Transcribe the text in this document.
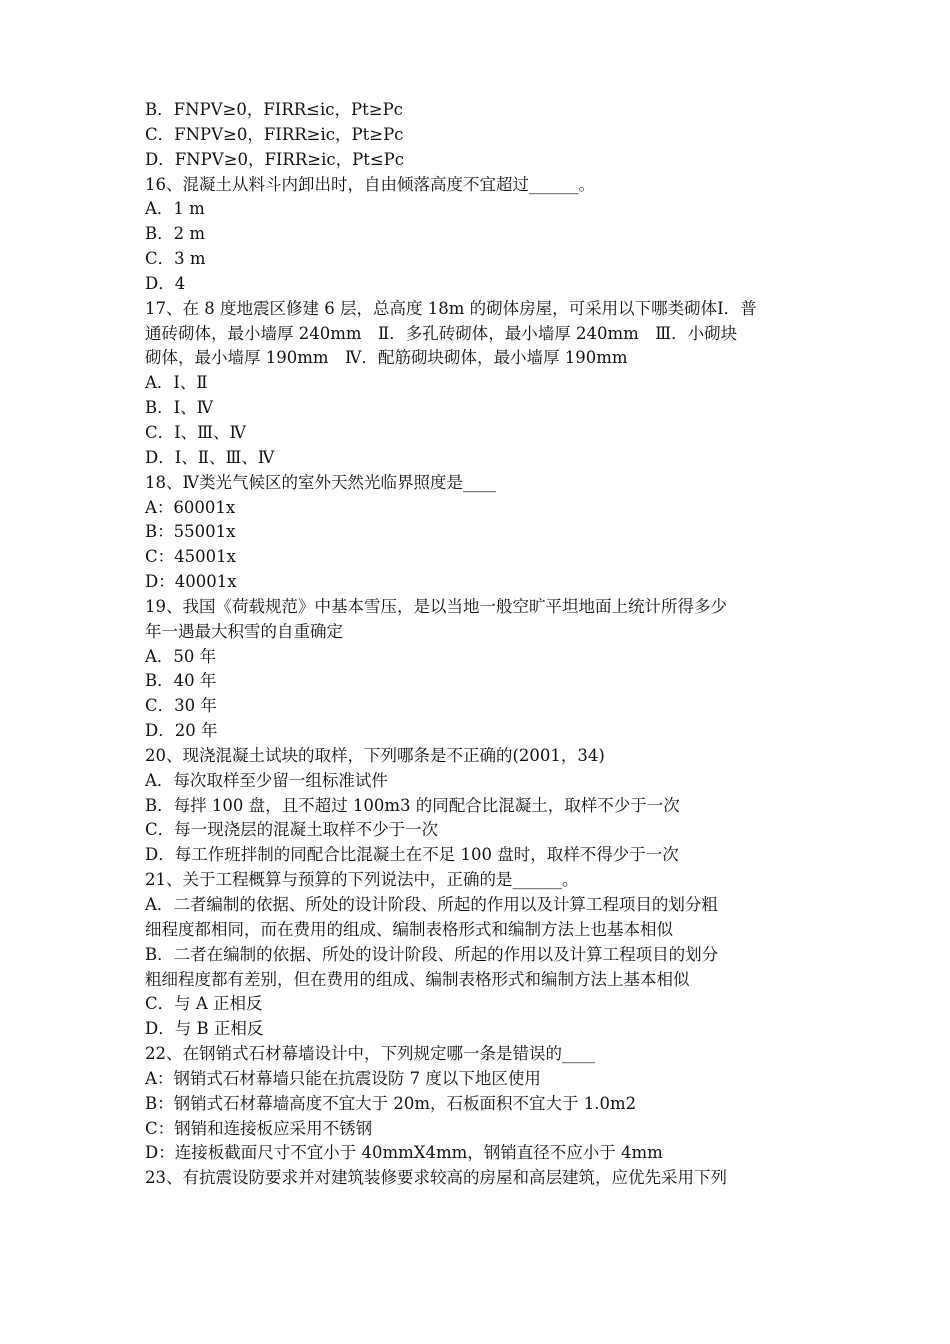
B．FNPV≥0，FIRR≤ic，Pt≥Pc
C．FNPV≥0，FIRR≥ic，Pt≥Pc
D．FNPV≥0，FIRR≥ic，Pt≤Pc
16、混凝土从料斗内卸出时，自由倾落高度不宜超过______。
A．1 m
B．2 m
C．3 m
D．4
17、在 8 度地震区修建 6 层，总高度 18m 的砌体房屋，可采用以下哪类砌体Ⅰ．普
通砖砌体，最小墙厚 240mm　Ⅱ．多孔砖砌体，最小墙厚 240mm　Ⅲ．小砌块
砌体，最小墙厚 190mm　Ⅳ．配筋砌块砌体，最小墙厚 190mm
A．Ⅰ、Ⅱ
B．Ⅰ、Ⅳ
C．Ⅰ、Ⅲ、Ⅳ
D．Ⅰ、Ⅱ、Ⅲ、Ⅳ
18、Ⅳ类光气候区的室外天然光临界照度是____
A：60001x
B：55001x
C：45001x
D：40001x
19、我国《荷载规范》中基本雪压，是以当地一般空旷平坦地面上统计所得多少
年一遇最大积雪的自重确定
A．50 年
B．40 年
C．30 年
D．20 年
20、现浇混凝土试块的取样，下列哪条是不正确的(2001，34)
A．每次取样至少留一组标准试件
B．每拌 100 盘，且不超过 100m3 的同配合比混凝土，取样不少于一次
C．每一现浇层的混凝土取样不少于一次
D．每工作班拌制的同配合比混凝土在不足 100 盘时，取样不得少于一次
21、关于工程概算与预算的下列说法中，正确的是______。
A．二者编制的依据、所处的设计阶段、所起的作用以及计算工程项目的划分粗
细程度都相同，而在费用的组成、编制表格形式和编制方法上也基本相似
B．二者在编制的依据、所处的设计阶段、所起的作用以及计算工程项目的划分
粗细程度都有差别，但在费用的组成、编制表格形式和编制方法上基本相似
C．与 A 正相反
D．与 B 正相反
22、在钢销式石材幕墙设计中，下列规定哪一条是错误的____
A：钢销式石材幕墙只能在抗震设防 7 度以下地区使用
B：钢销式石材幕墙高度不宜大于 20m，石板面积不宜大于 1.0m2
C：钢销和连接板应采用不锈钢
D：连接板截面尺寸不宜小于 40mmX4mm，钢销直径不应小于 4mm
23、有抗震设防要求并对建筑装修要求较高的房屋和高层建筑，应优先采用下列
